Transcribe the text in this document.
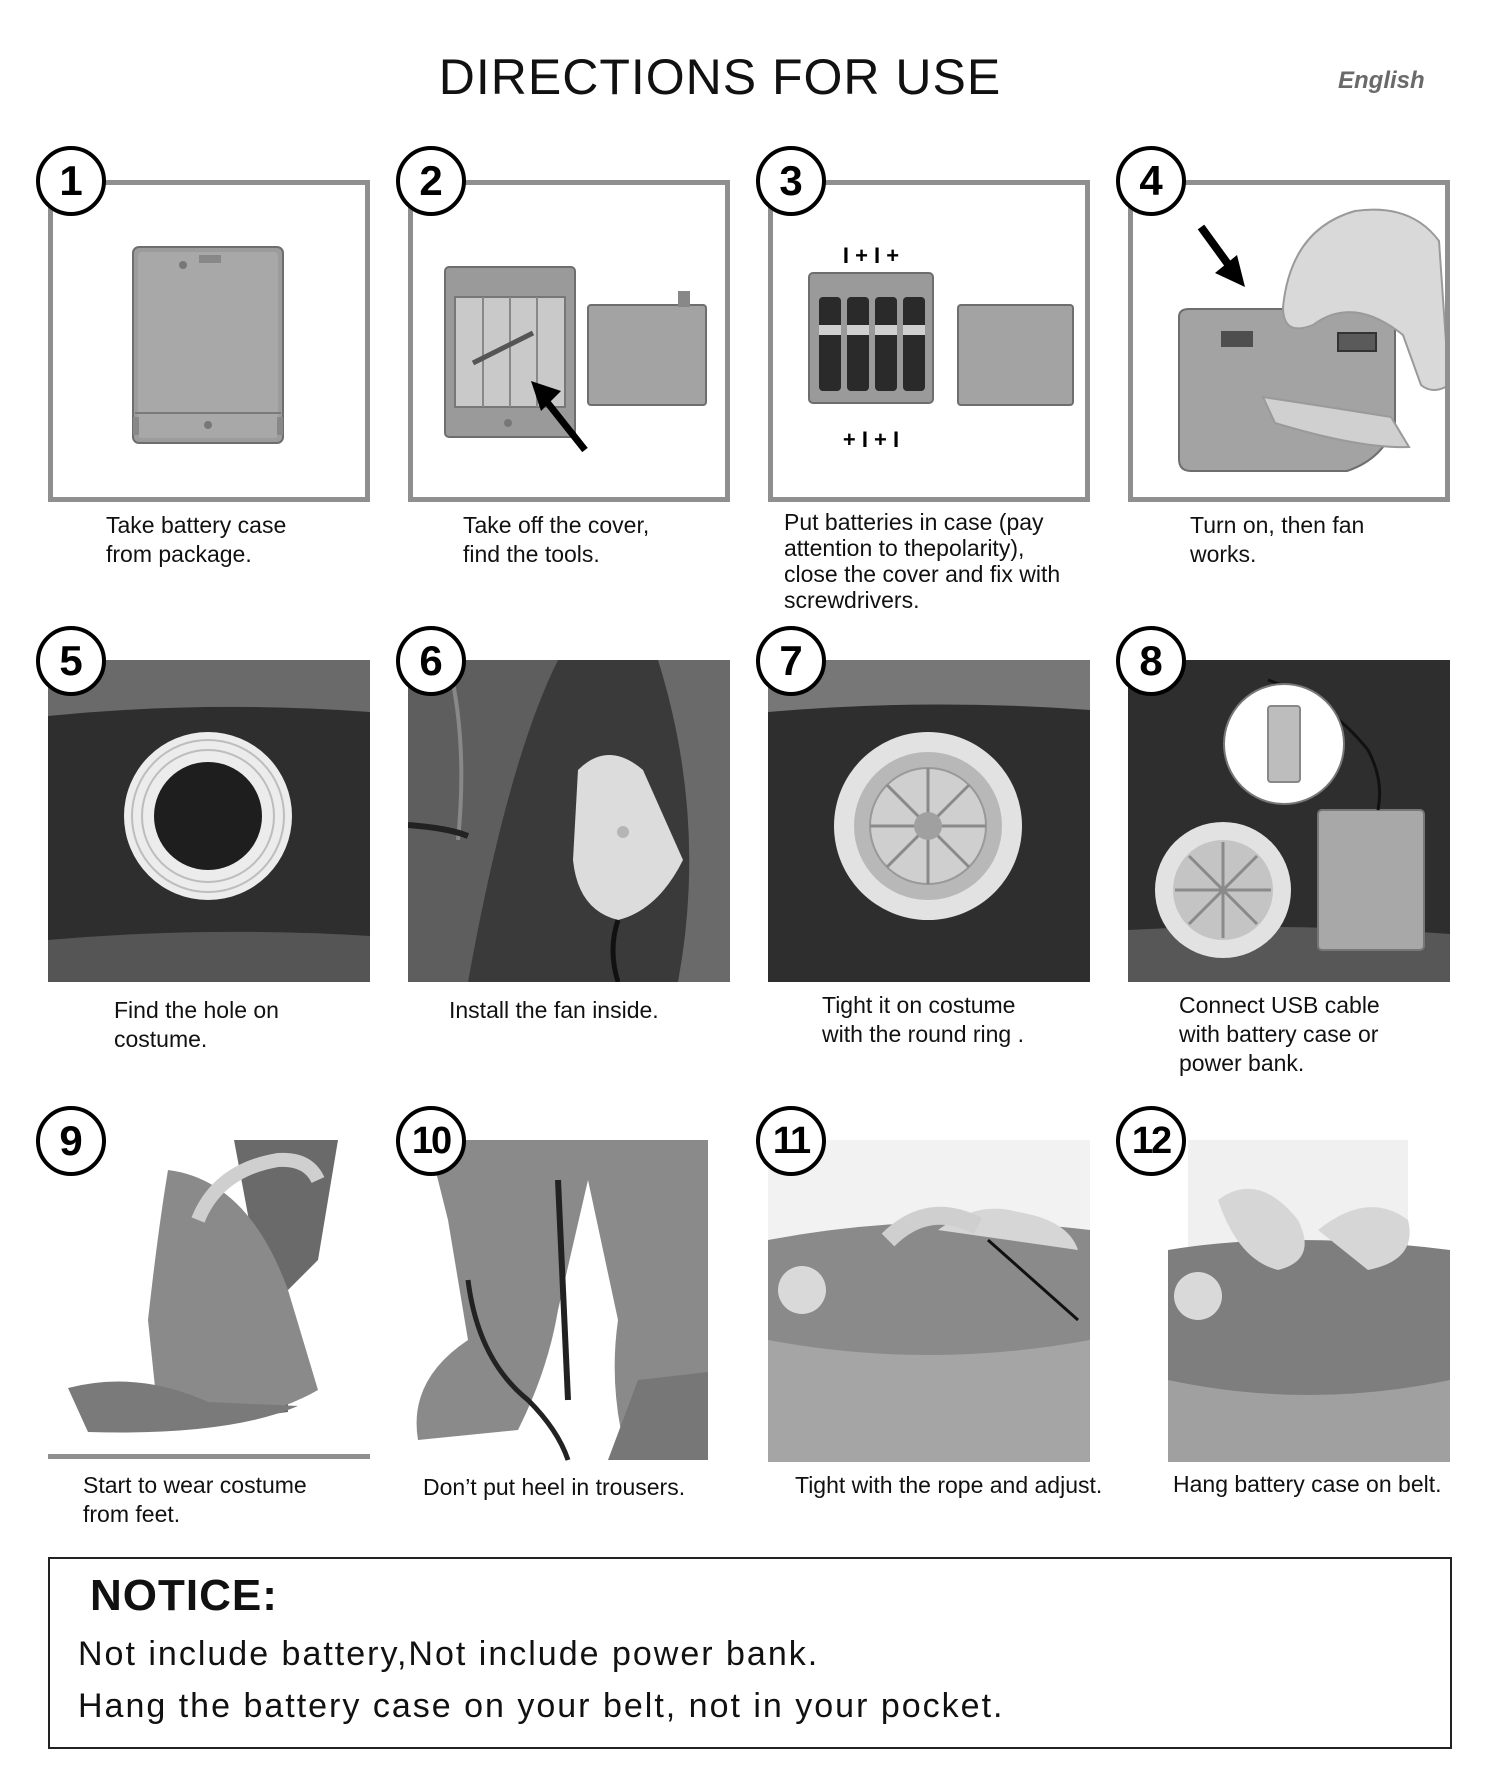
DIRECTIONS FOR USE	English
1
Take battery case
from package.
2
Take off the cover,
find the tools.
I + I +
+ I + I
3
Put batteries in case (pay
attention to thepolarity),
close the cover and fix with
screwdrivers.
4
Turn on, then fan
works.
5
Find the hole on
costume.
6
Install the fan inside.
7
Tight it on costume
with the round ring .
8
Connect USB cable
with battery case or
power bank.
9
Start to wear costume
from feet.
10
Don’t put heel in trousers.
11
Tight with the rope and adjust.
12
Hang battery case on belt.
NOTICE:
Not include battery,Not include power bank.
Hang the battery case on your belt, not in your pocket.
